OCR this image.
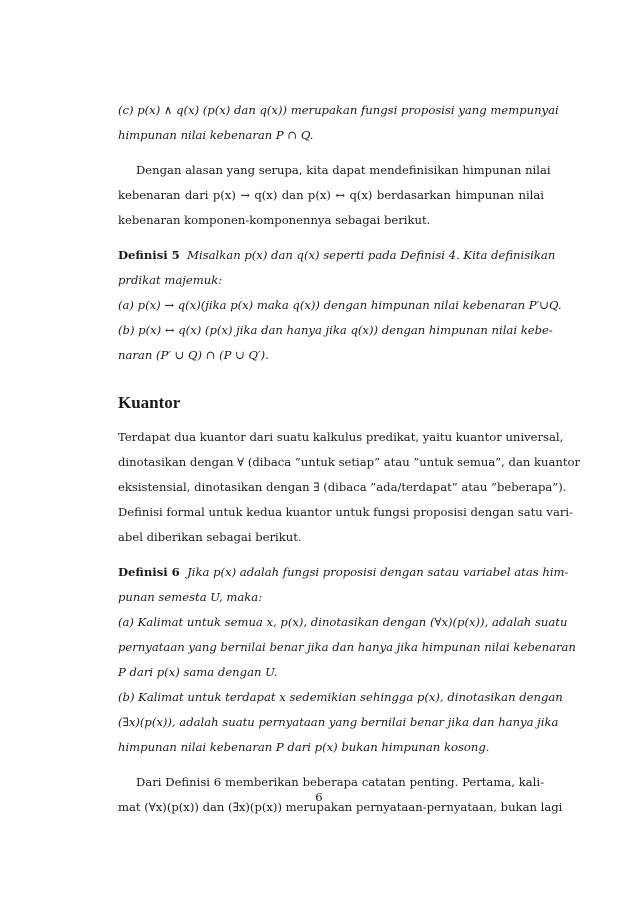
(c) p(x) ∧ q(x) (p(x) dan q(x)) merupakan fungsi proposisi yang mempunyai
himpunan nilai kebenaran P ∩ Q.
Dengan alasan yang serupa, kita dapat mendefinisikan himpunan nilai
kebenaran dari p(x) → q(x) dan p(x) ↔ q(x) berdasarkan himpunan nilai
kebenaran komponen-komponennya sebagai berikut.
Definisi 5 Misalkan p(x) dan q(x) seperti pada Definisi 4. Kita definisikan
prdikat majemuk:
(a) p(x) → q(x)(jika p(x) maka q(x)) dengan himpunan nilai kebenaran P′∪Q.
(b) p(x) ↔ q(x) (p(x) jika dan hanya jika q(x)) dengan himpunan nilai kebe-
naran (P′ ∪ Q) ∩ (P ∪ Q′).
Kuantor
Terdapat dua kuantor dari suatu kalkulus predikat, yaitu kuantor universal,
dinotasikan dengan ∀ (dibaca ”untuk setiap” atau ”untuk semua”, dan kuantor
eksistensial, dinotasikan dengan ∃ (dibaca ”ada/terdapat” atau ”beberapa”).
Definisi formal untuk kedua kuantor untuk fungsi proposisi dengan satu vari-
abel diberikan sebagai berikut.
Definisi 6 Jika p(x) adalah fungsi proposisi dengan satau variabel atas him-
punan semesta U, maka:
(a) Kalimat untuk semua x, p(x), dinotasikan dengan (∀x)(p(x)), adalah suatu
pernyataan yang bernilai benar jika dan hanya jika himpunan nilai kebenaran
P dari p(x) sama dengan U.
(b) Kalimat untuk terdapat x sedemikian sehingga p(x), dinotasikan dengan
(∃x)(p(x)), adalah suatu pernyataan yang bernilai benar jika dan hanya jika
himpunan nilai kebenaran P dari p(x) bukan himpunan kosong.
Dari Definisi 6 memberikan beberapa catatan penting. Pertama, kali-
mat (∀x)(p(x)) dan (∃x)(p(x)) merupakan pernyataan-pernyataan, bukan lagi
6
